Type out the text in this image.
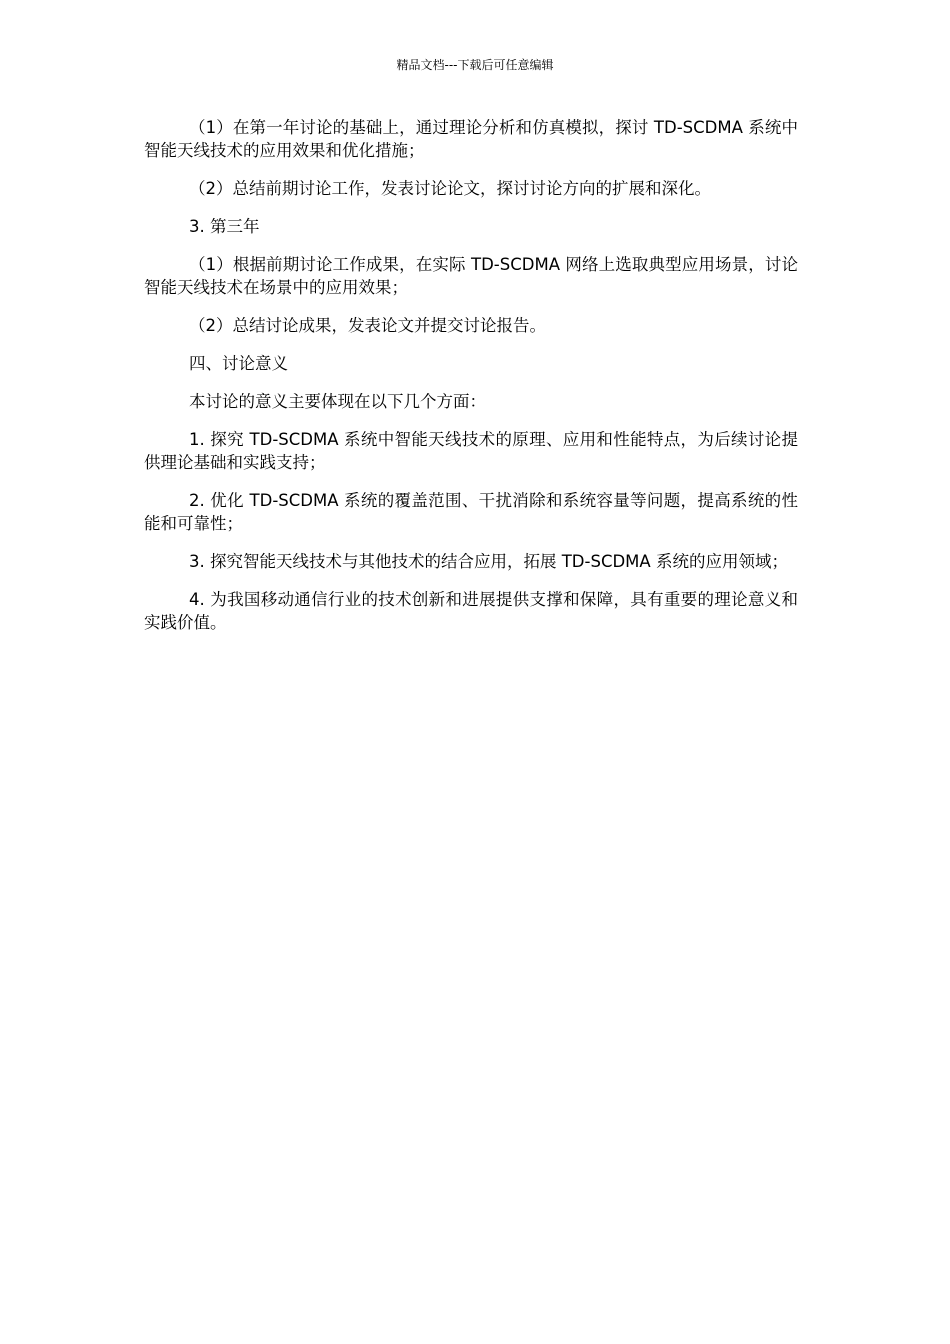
精品文档---下载后可任意编辑

（1）在第一年讨论的基础上，通过理论分析和仿真模拟，探讨 TD-SCDMA 系统中智能天线技术的应用效果和优化措施；

（2）总结前期讨论工作，发表讨论论文，探讨讨论方向的扩展和深化。

3. 第三年

（1）根据前期讨论工作成果，在实际 TD-SCDMA 网络上选取典型应用场景，讨论智能天线技术在场景中的应用效果；

（2）总结讨论成果，发表论文并提交讨论报告。

四、讨论意义

本讨论的意义主要体现在以下几个方面：

1. 探究 TD-SCDMA 系统中智能天线技术的原理、应用和性能特点，为后续讨论提供理论基础和实践支持；

2. 优化 TD-SCDMA 系统的覆盖范围、干扰消除和系统容量等问题，提高系统的性能和可靠性；

3. 探究智能天线技术与其他技术的结合应用，拓展 TD-SCDMA 系统的应用领域；

4. 为我国移动通信行业的技术创新和进展提供支撑和保障，具有重要的理论意义和实践价值。
